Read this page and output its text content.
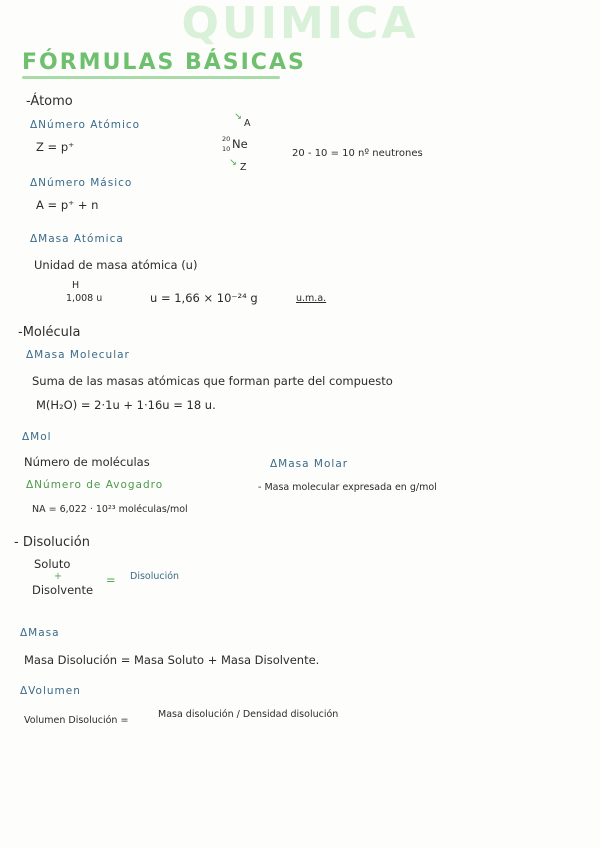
QUIMICA
FÓRMULAS BÁSICAS
-Átomo
ΔNúmero Atómico
Z = p⁺
↘
A
20
10 Ne
↘ Z
20 - 10 = 10 nº neutrones
ΔNúmero Másico
A = p⁺ + n
ΔMasa Atómica
Unidad de masa atómica (u)
H
1,008 u	u = 1,66 × 10⁻²⁴ g	u.m.a.
-Molécula
ΔMasa Molecular
Suma de las masas atómicas que forman parte del compuesto
M(H₂O) = 2·1u + 1·16u = 18 u.
ΔMol
Número de moléculas	ΔMasa Molar
ΔNúmero de Avogadro	- Masa molecular expresada en g/mol
NA = 6,022 · 10²³ moléculas/mol
- Disolución
Soluto
+
Disolvente
= Disolución
ΔMasa
Masa Disolución = Masa Soluto + Masa Disolvente.
ΔVolumen
Volumen Disolución =
Masa disolución / Densidad disolución
